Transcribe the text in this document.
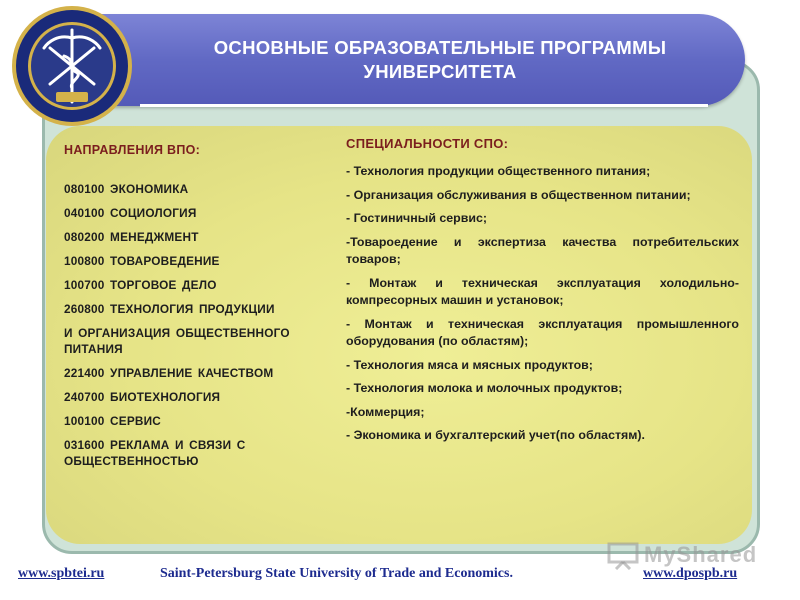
ОСНОВНЫЕ ОБРАЗОВАТЕЛЬНЫЕ ПРОГРАММЫ
УНИВЕРСИТЕТА
НАПРАВЛЕНИЯ ВПО:
080100 ЭКОНОМИКА
040100 СОЦИОЛОГИЯ
080200 МЕНЕДЖМЕНТ
100800 ТОВАРОВЕДЕНИЕ
100700 ТОРГОВОЕ ДЕЛО
260800 ТЕХНОЛОГИЯ ПРОДУКЦИИ
И ОРГАНИЗАЦИЯ ОБЩЕСТВЕННОГО ПИТАНИЯ
221400 УПРАВЛЕНИЕ КАЧЕСТВОМ
240700 БИОТЕХНОЛОГИЯ
100100 СЕРВИС
031600 РЕКЛАМА И СВЯЗИ С ОБЩЕСТВЕННОСТЬЮ
СПЕЦИАЛЬНОСТИ СПО:
- Технология продукции общественного питания;
- Организация обслуживания в общественном питании;
- Гостиничный сервис;
-Товароедение и экспертиза качества потребительских товаров;
- Монтаж и техническая эксплуатация холодильно-компресорных машин и установок;
- Монтаж и техническая эксплуатация промышленного оборудования (по областям);
- Технология мяса и мясных продуктов;
- Технология молока и молочных продуктов;
-Коммерция;
- Экономика и бухгалтерский учет(по областям).
MyShared
www.spbtei.ru	Saint-Petersburg State University of Trade and Economics.	www.dpospb.ru
